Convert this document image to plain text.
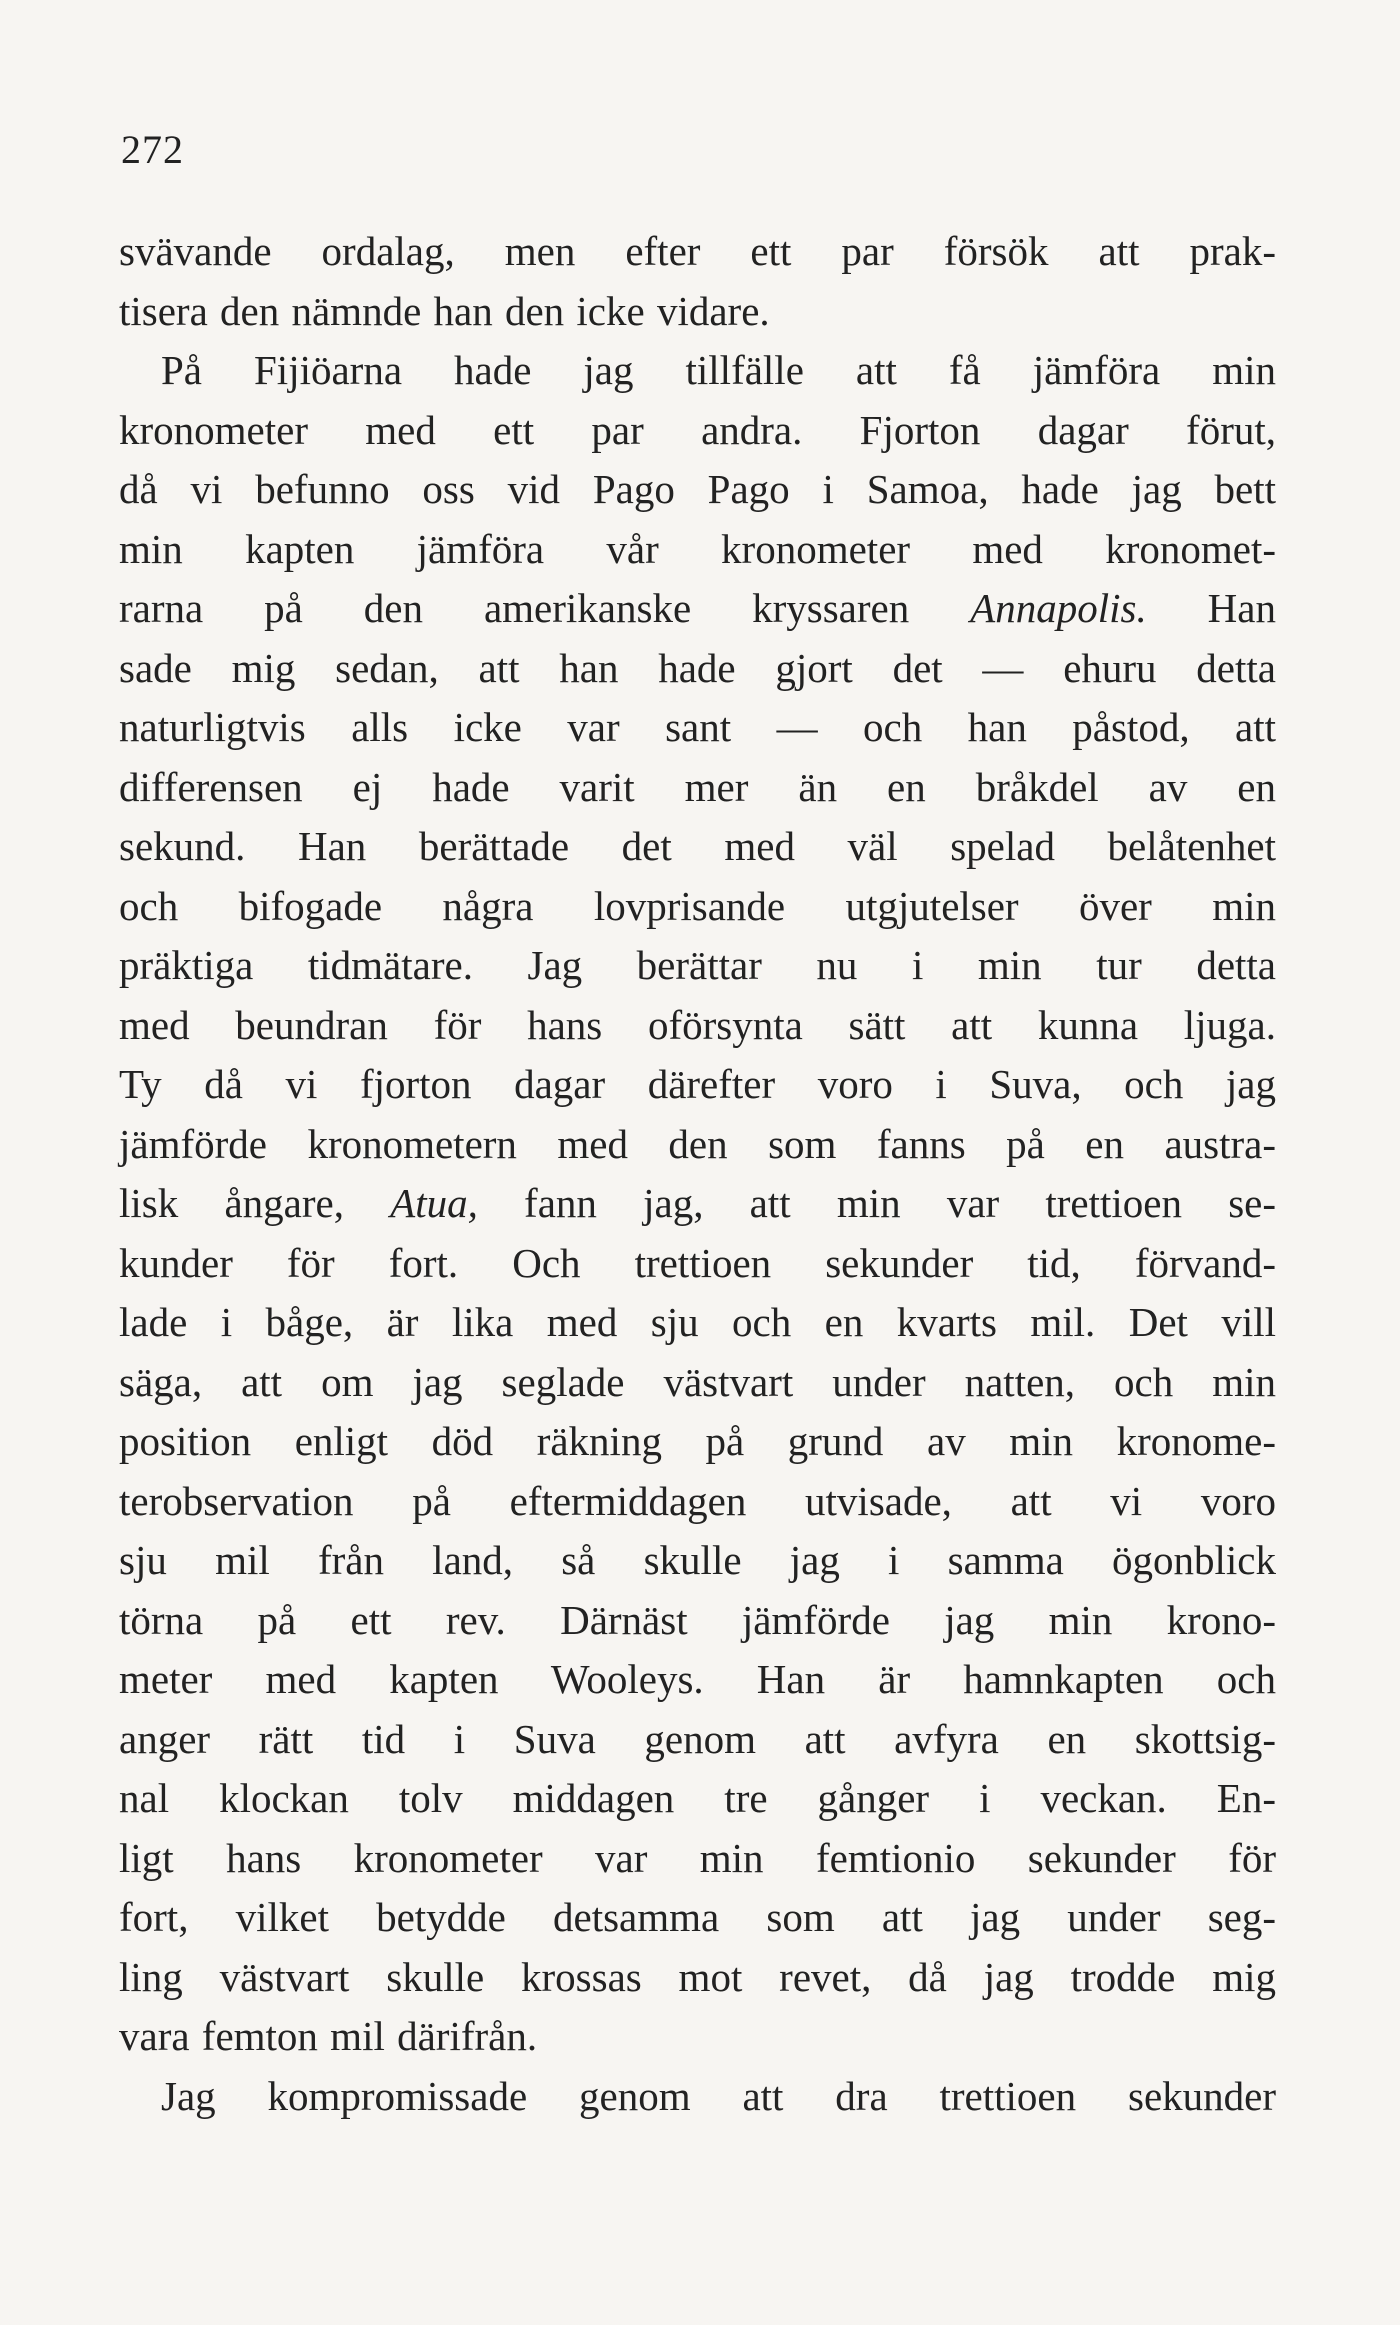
272
svävande ordalag, men efter ett par försök att prak-
tisera den nämnde han den icke vidare.
På Fijiöarna hade jag tillfälle att få jämföra min
kronometer med ett par andra. Fjorton dagar förut,
då vi befunno oss vid Pago Pago i Samoa, hade jag bett
min kapten jämföra vår kronometer med kronomet-
rarna på den amerikanske kryssaren Annapolis. Han
sade mig sedan, att han hade gjort det — ehuru detta
naturligtvis alls icke var sant — och han påstod, att
differensen ej hade varit mer än en bråkdel av en
sekund. Han berättade det med väl spelad belåtenhet
och bifogade några lovprisande utgjutelser över min
präktiga tidmätare. Jag berättar nu i min tur detta
med beundran för hans oförsynta sätt att kunna ljuga.
Ty då vi fjorton dagar därefter voro i Suva, och jag
jämförde kronometern med den som fanns på en austra-
lisk ångare, Atua, fann jag, att min var trettioen se-
kunder för fort. Och trettioen sekunder tid, förvand-
lade i båge, är lika med sju och en kvarts mil. Det vill
säga, att om jag seglade västvart under natten, och min
position enligt död räkning på grund av min kronome-
terobservation på eftermiddagen utvisade, att vi voro
sju mil från land, så skulle jag i samma ögonblick
törna på ett rev. Därnäst jämförde jag min krono-
meter med kapten Wooleys. Han är hamnkapten och
anger rätt tid i Suva genom att avfyra en skottsig-
nal klockan tolv middagen tre gånger i veckan. En-
ligt hans kronometer var min femtionio sekunder för
fort, vilket betydde detsamma som att jag under seg-
ling västvart skulle krossas mot revet, då jag trodde mig
vara femton mil därifrån.
Jag kompromissade genom att dra trettioen sekunder
